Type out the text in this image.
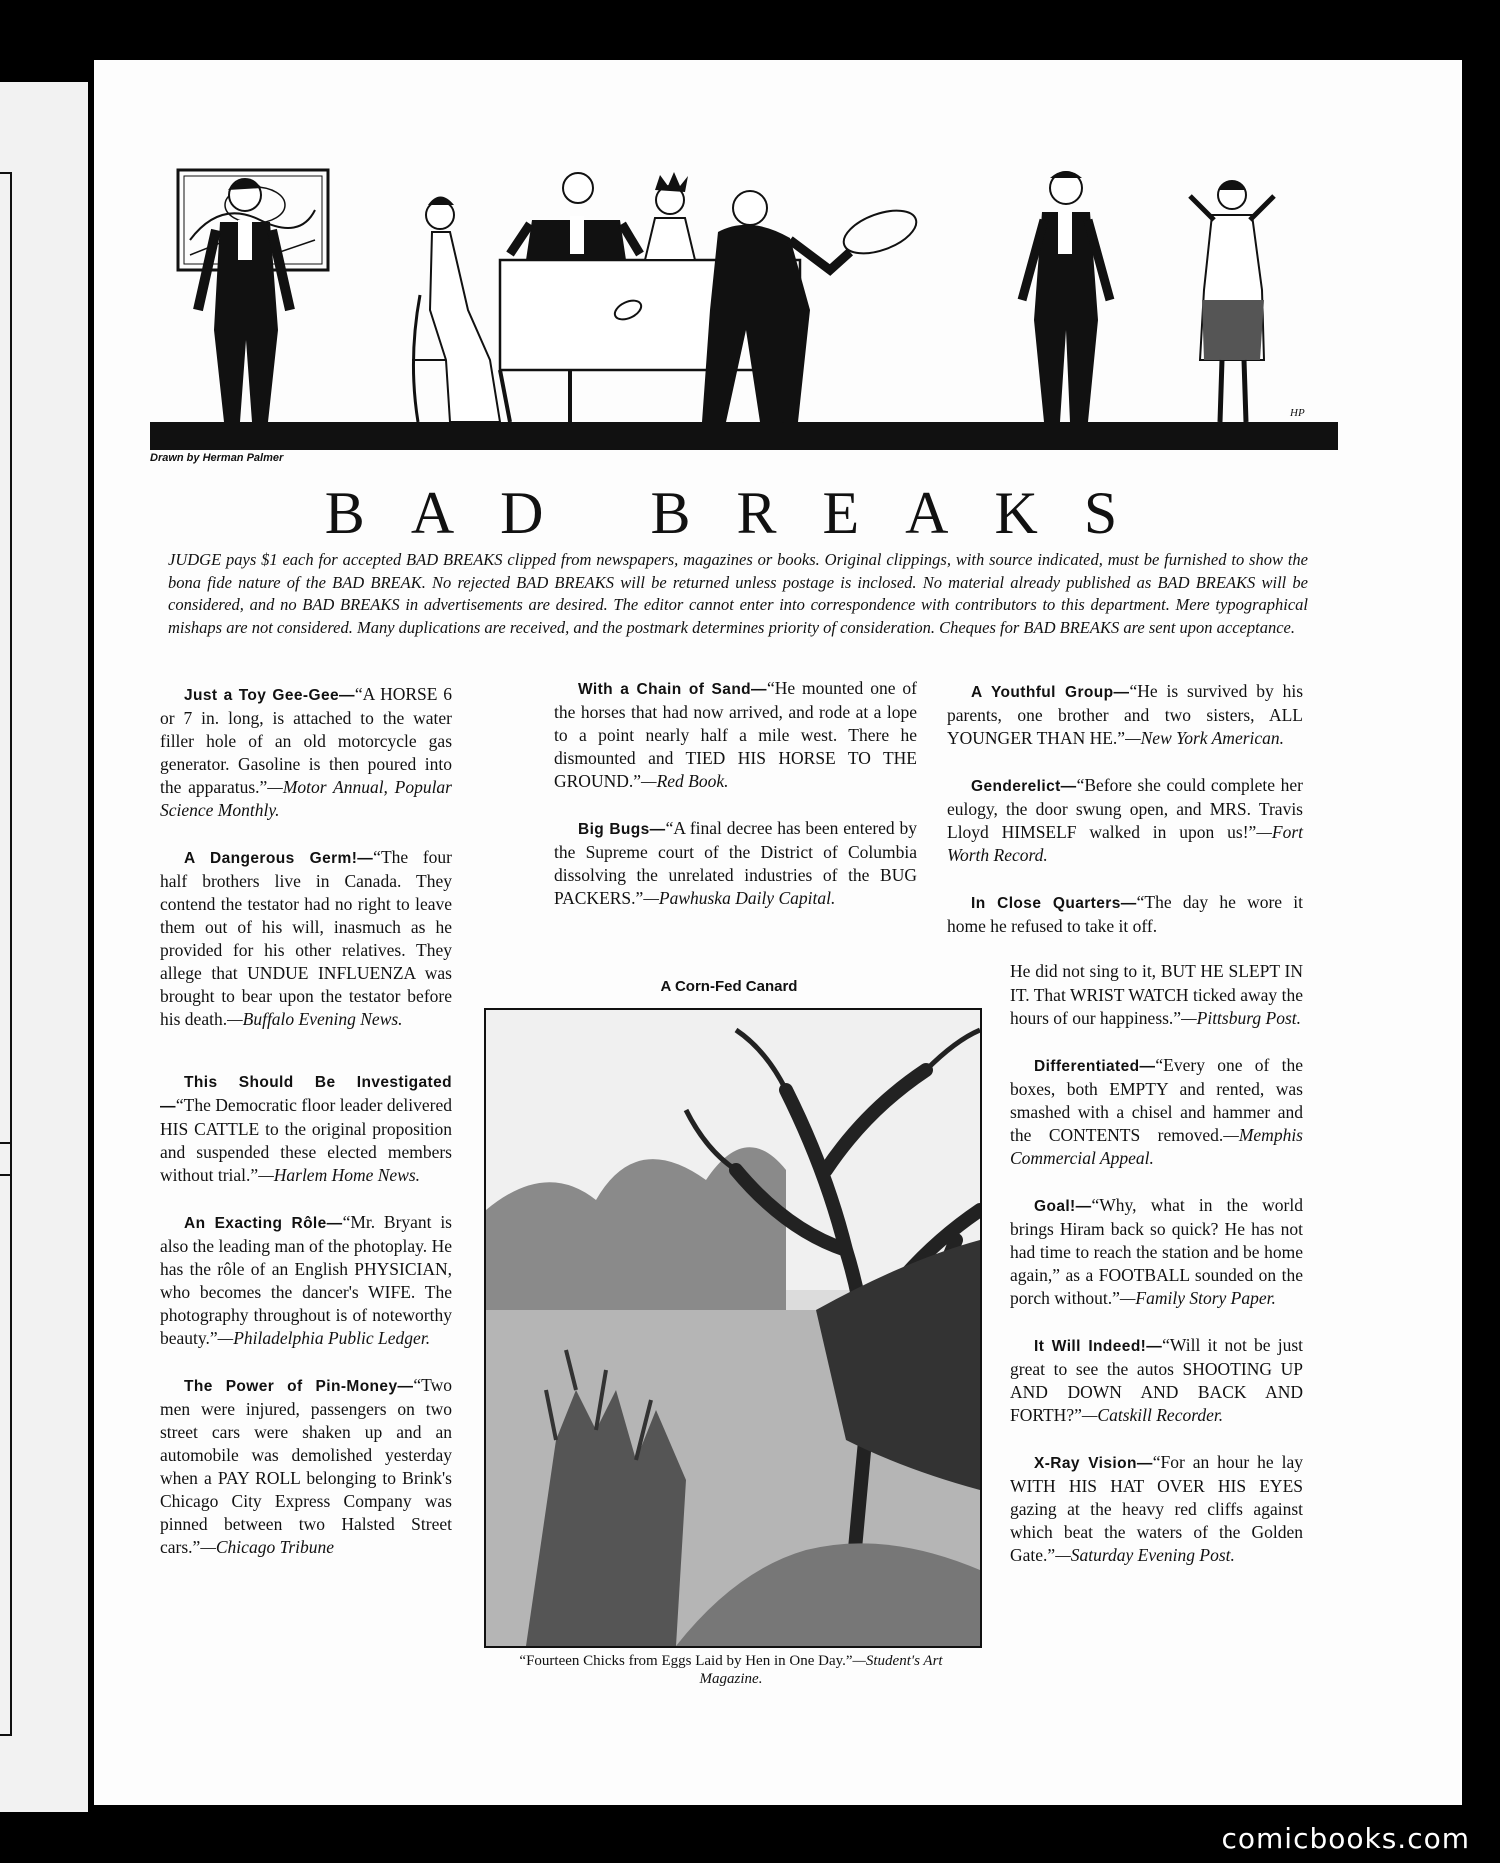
HP
Drawn by Herman Palmer
BAD BREAKS

JUDGE pays $1 each for accepted BAD BREAKS clipped from newspapers, magazines or books. Original clippings, with source indicated, must be furnished to show the bona fide nature of the BAD BREAK. No rejected BAD BREAKS will be returned unless postage is inclosed. No material already published as BAD BREAKS will be considered, and no BAD BREAKS in advertisements are desired. The editor cannot enter into correspondence with contributors to this department. Mere typographical mishaps are not considered. Many duplications are received, and the postmark determines priority of consideration. Cheques for BAD BREAKS are sent upon acceptance.

Just a Toy Gee-Gee—“A HORSE 6 or 7 in. long, is attached to the water filler hole of an old motorcycle gas generator. Gasoline is then poured into the apparatus.”—Motor Annual, Popular Science Monthly.

A Dangerous Germ!—“The four half brothers live in Canada. They contend the testator had no right to leave them out of his will, inasmuch as he provided for his other relatives. They allege that UNDUE INFLUENZA was brought to bear upon the testator before his death.—Buffalo Evening News.

This Should Be Investigated—“The Democratic floor leader delivered HIS CATTLE to the original proposition and suspended these elected members without trial.”—Harlem Home News.

An Exacting Rôle—“Mr. Bryant is also the leading man of the photoplay. He has the rôle of an English PHYSICIAN, who becomes the dancer's WIFE. The photography throughout is of noteworthy beauty.”—Philadelphia Public Ledger.

The Power of Pin-Money—“Two men were injured, passengers on two street cars were shaken up and an automobile was demolished yesterday when a PAY ROLL belonging to Brink's Chicago City Express Company was pinned between two Halsted Street cars.”—Chicago Tribune

With a Chain of Sand—“He mounted one of the horses that had now arrived, and rode at a lope to a point nearly half a mile west. There he dismounted and TIED HIS HORSE TO THE GROUND.”—Red Book.

Big Bugs—“A final decree has been entered by the Supreme court of the District of Columbia dissolving the unrelated industries of the BUG PACKERS.”—Pawhuska Daily Capital.

A Corn-Fed Canard
“Fourteen Chicks from Eggs Laid by Hen in One Day.”—Student's Art Magazine.

A Youthful Group—“He is survived by his parents, one brother and two sisters, ALL YOUNGER THAN HE.”—New York American.

Genderelict—“Before she could complete her eulogy, the door swung open, and MRS. Travis Lloyd HIMSELF walked in upon us!”—Fort Worth Record.

In Close Quarters—“The day he wore it home he refused to take it off.

He did not sing to it, BUT HE SLEPT IN IT. That WRIST WATCH ticked away the hours of our happiness.”—Pittsburg Post.

Differentiated—“Every one of the boxes, both EMPTY and rented, was smashed with a chisel and hammer and the CONTENTS removed.—Memphis Commercial Appeal.

Goal!—“Why, what in the world brings Hiram back so quick? He has not had time to reach the station and be home again,” as a FOOTBALL sounded on the porch without.”—Family Story Paper.

It Will Indeed!—“Will it not be just great to see the autos SHOOTING UP AND DOWN AND BACK AND FORTH?”—Catskill Recorder.

X-Ray Vision—“For an hour he lay WITH HIS HAT OVER HIS EYES gazing at the heavy red cliffs against which beat the waters of the Golden Gate.”—Saturday Evening Post.

comicbooks.com
